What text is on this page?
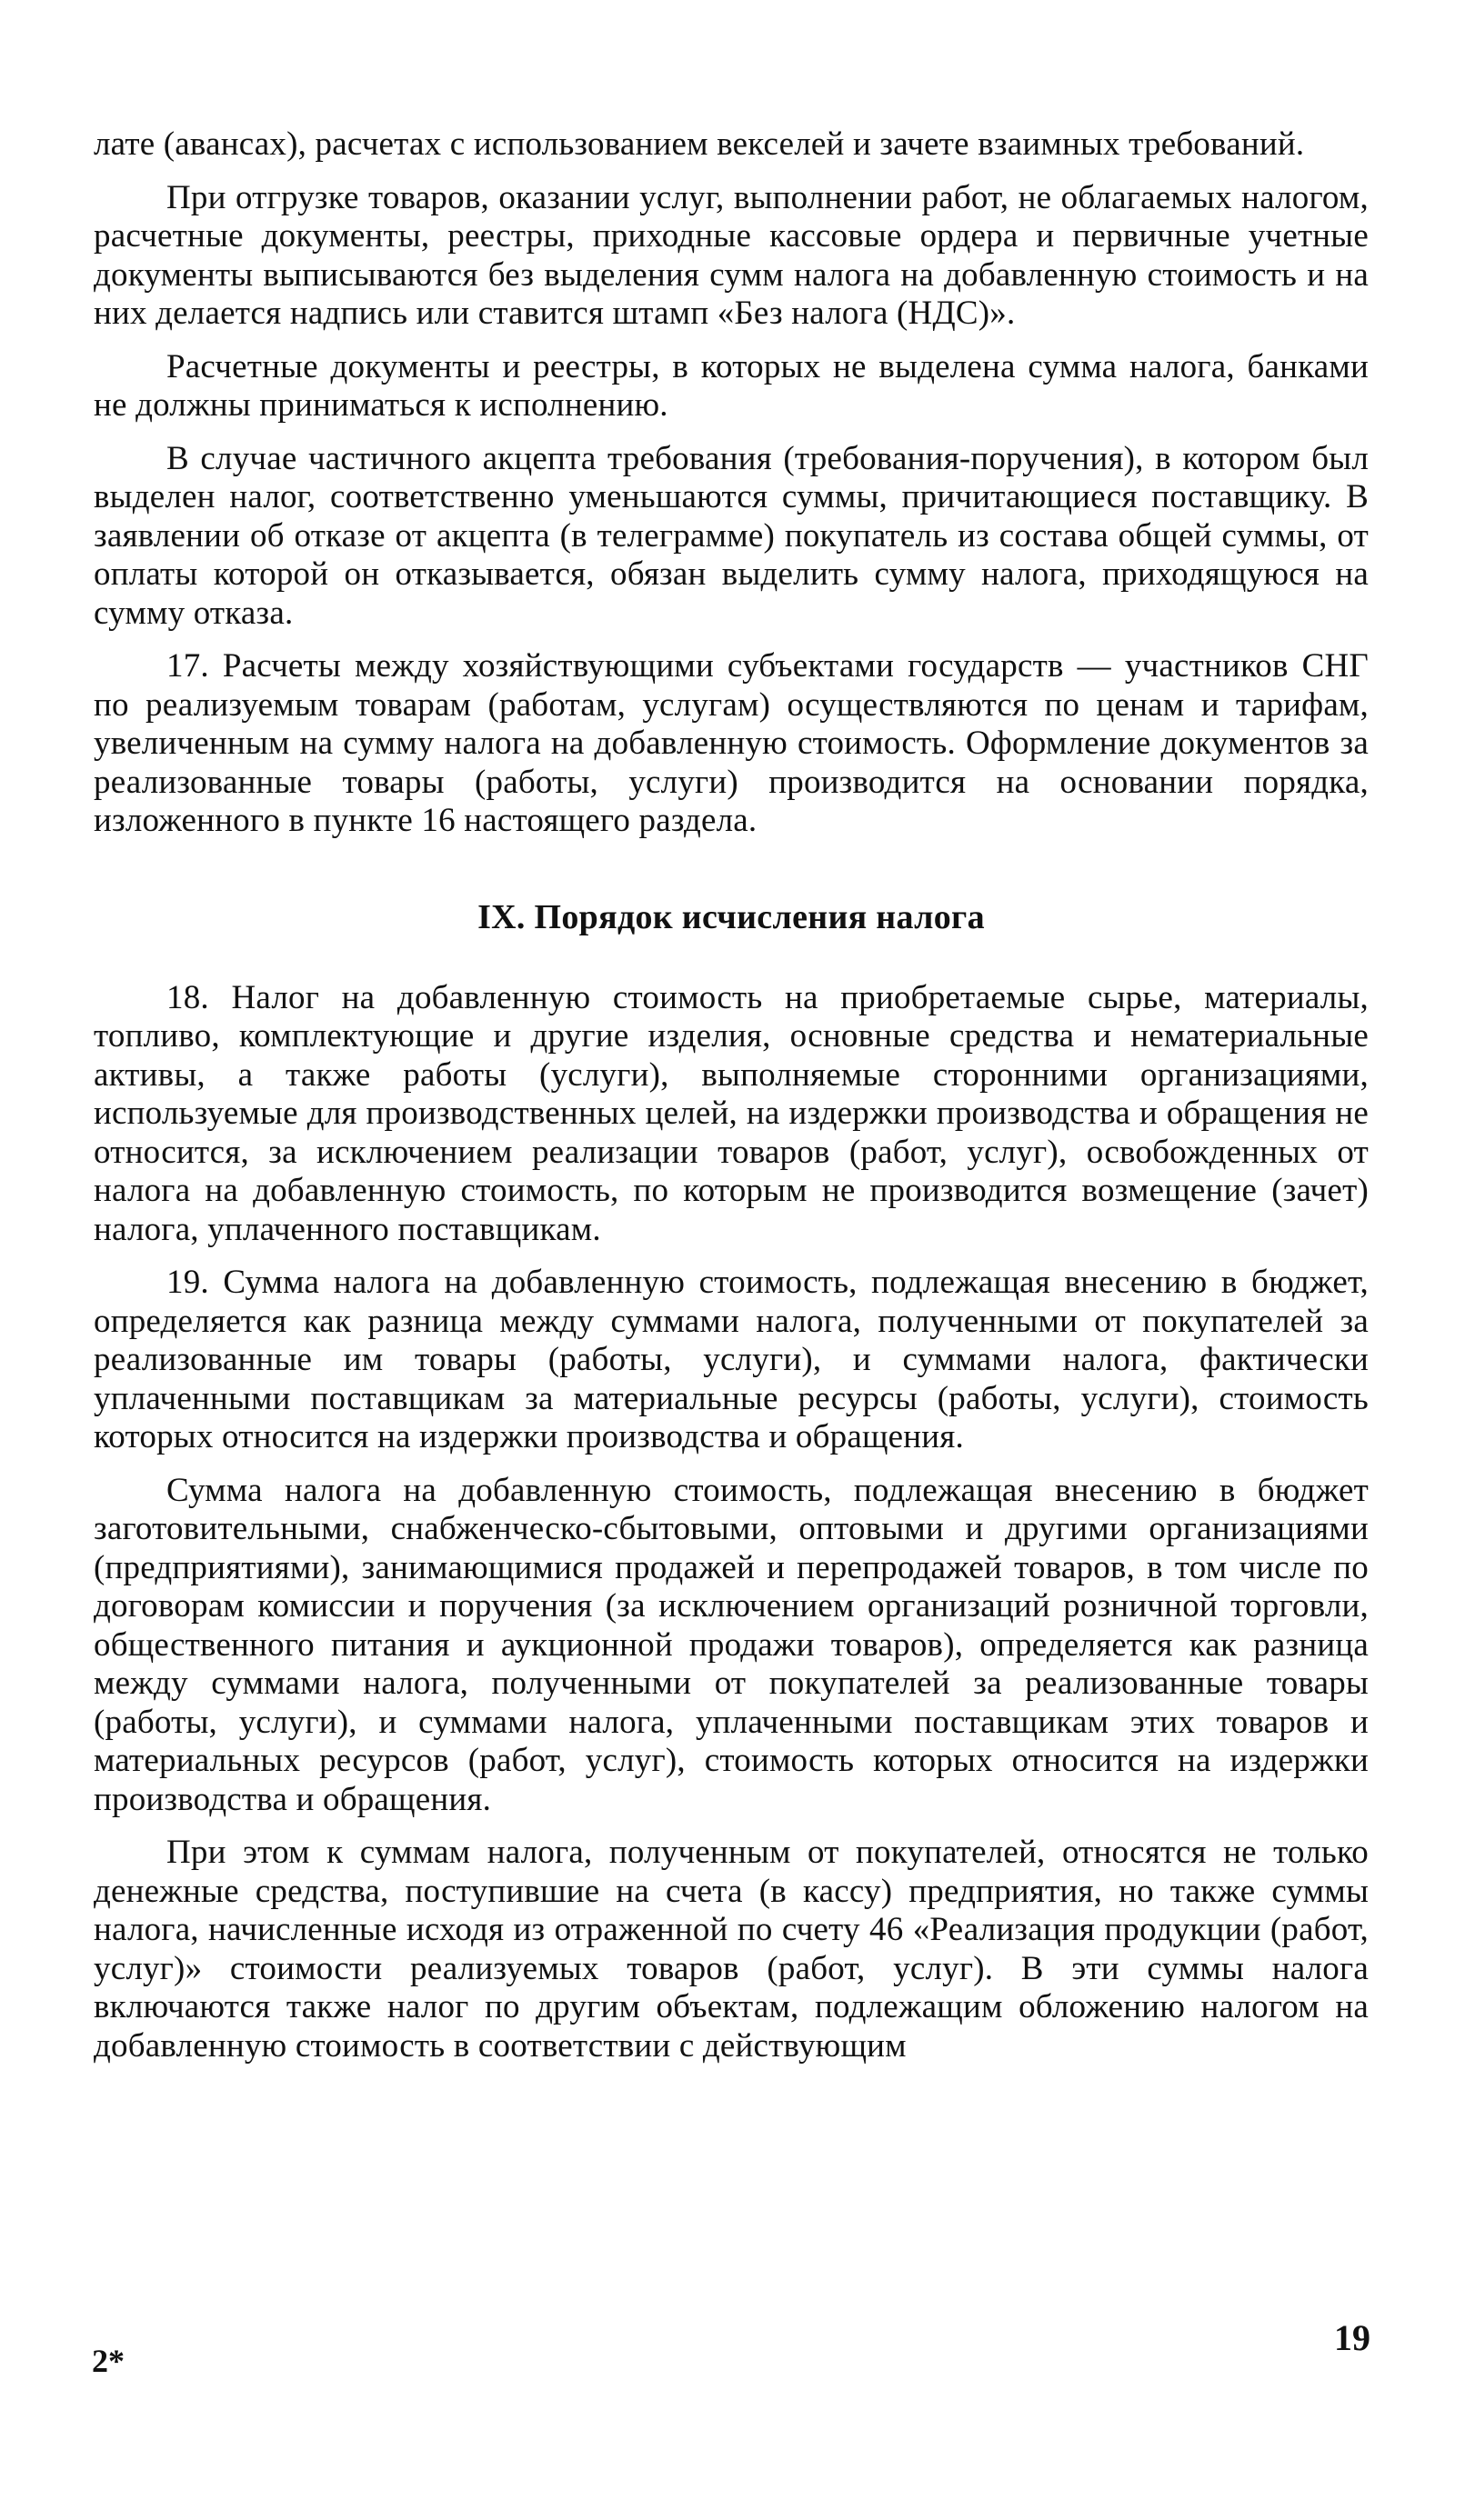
лате (авансах), расчетах с использованием векселей и зачете взаимных требований.

При отгрузке товаров, оказании услуг, выполнении работ, не облагаемых налогом, расчетные документы, реестры, приходные кассовые ордера и первичные учетные документы выписываются без выделения сумм налога на добавленную стоимость и на них делается надпись или ставится штамп «Без налога (НДС)».

Расчетные документы и реестры, в которых не выделена сумма налога, банками не должны приниматься к исполнению.

В случае частичного акцепта требования (требования-поручения), в котором был выделен налог, соответственно уменьшаются суммы, причитающиеся поставщику. В заявлении об отказе от акцепта (в телеграмме) покупатель из состава общей суммы, от оплаты которой он отказывается, обязан выделить сумму налога, приходящуюся на сумму отказа.

17. Расчеты между хозяйствующими субъектами государств — участников СНГ по реализуемым товарам (работам, услугам) осуществляются по ценам и тарифам, увеличенным на сумму налога на добавленную стоимость. Оформление документов за реализованные товары (работы, услуги) производится на основании порядка, изложенного в пункте 16 настоящего раздела.

IX. Порядок исчисления налога

18. Налог на добавленную стоимость на приобретаемые сырье, материалы, топливо, комплектующие и другие изделия, основные средства и нематериальные активы, а также работы (услуги), выполняемые сторонними организациями, используемые для производственных целей, на издержки производства и обращения не относится, за исключением реализации товаров (работ, услуг), освобожденных от налога на добавленную стоимость, по которым не производится возмещение (зачет) налога, уплаченного поставщикам.

19. Сумма налога на добавленную стоимость, подлежащая внесению в бюджет, определяется как разница между суммами налога, полученными от покупателей за реализованные им товары (работы, услуги), и суммами налога, фактически уплаченными поставщикам за материальные ресурсы (работы, услуги), стоимость которых относится на издержки производства и обращения.

Сумма налога на добавленную стоимость, подлежащая внесению в бюджет заготовительными, снабженческо-сбытовыми, оптовыми и другими организациями (предприятиями), занимающимися продажей и перепродажей товаров, в том числе по договорам комиссии и поручения (за исключением организаций розничной торговли, общественного питания и аукционной продажи товаров), определяется как разница между суммами налога, полученными от покупателей за реализованные товары (работы, услуги), и суммами налога, уплаченными поставщикам этих товаров и материальных ресурсов (работ, услуг), стоимость которых относится на издержки производства и обращения.

При этом к суммам налога, полученным от покупателей, относятся не только денежные средства, поступившие на счета (в кассу) предприятия, но также суммы налога, начисленные исходя из отраженной по счету 46 «Реализация продукции (работ, услуг)» стоимости реализуемых товаров (работ, услуг). В эти суммы налога включаются также налог по другим объектам, подлежащим обложению налогом на добавленную стоимость в соответствии с действующим

19
2*
